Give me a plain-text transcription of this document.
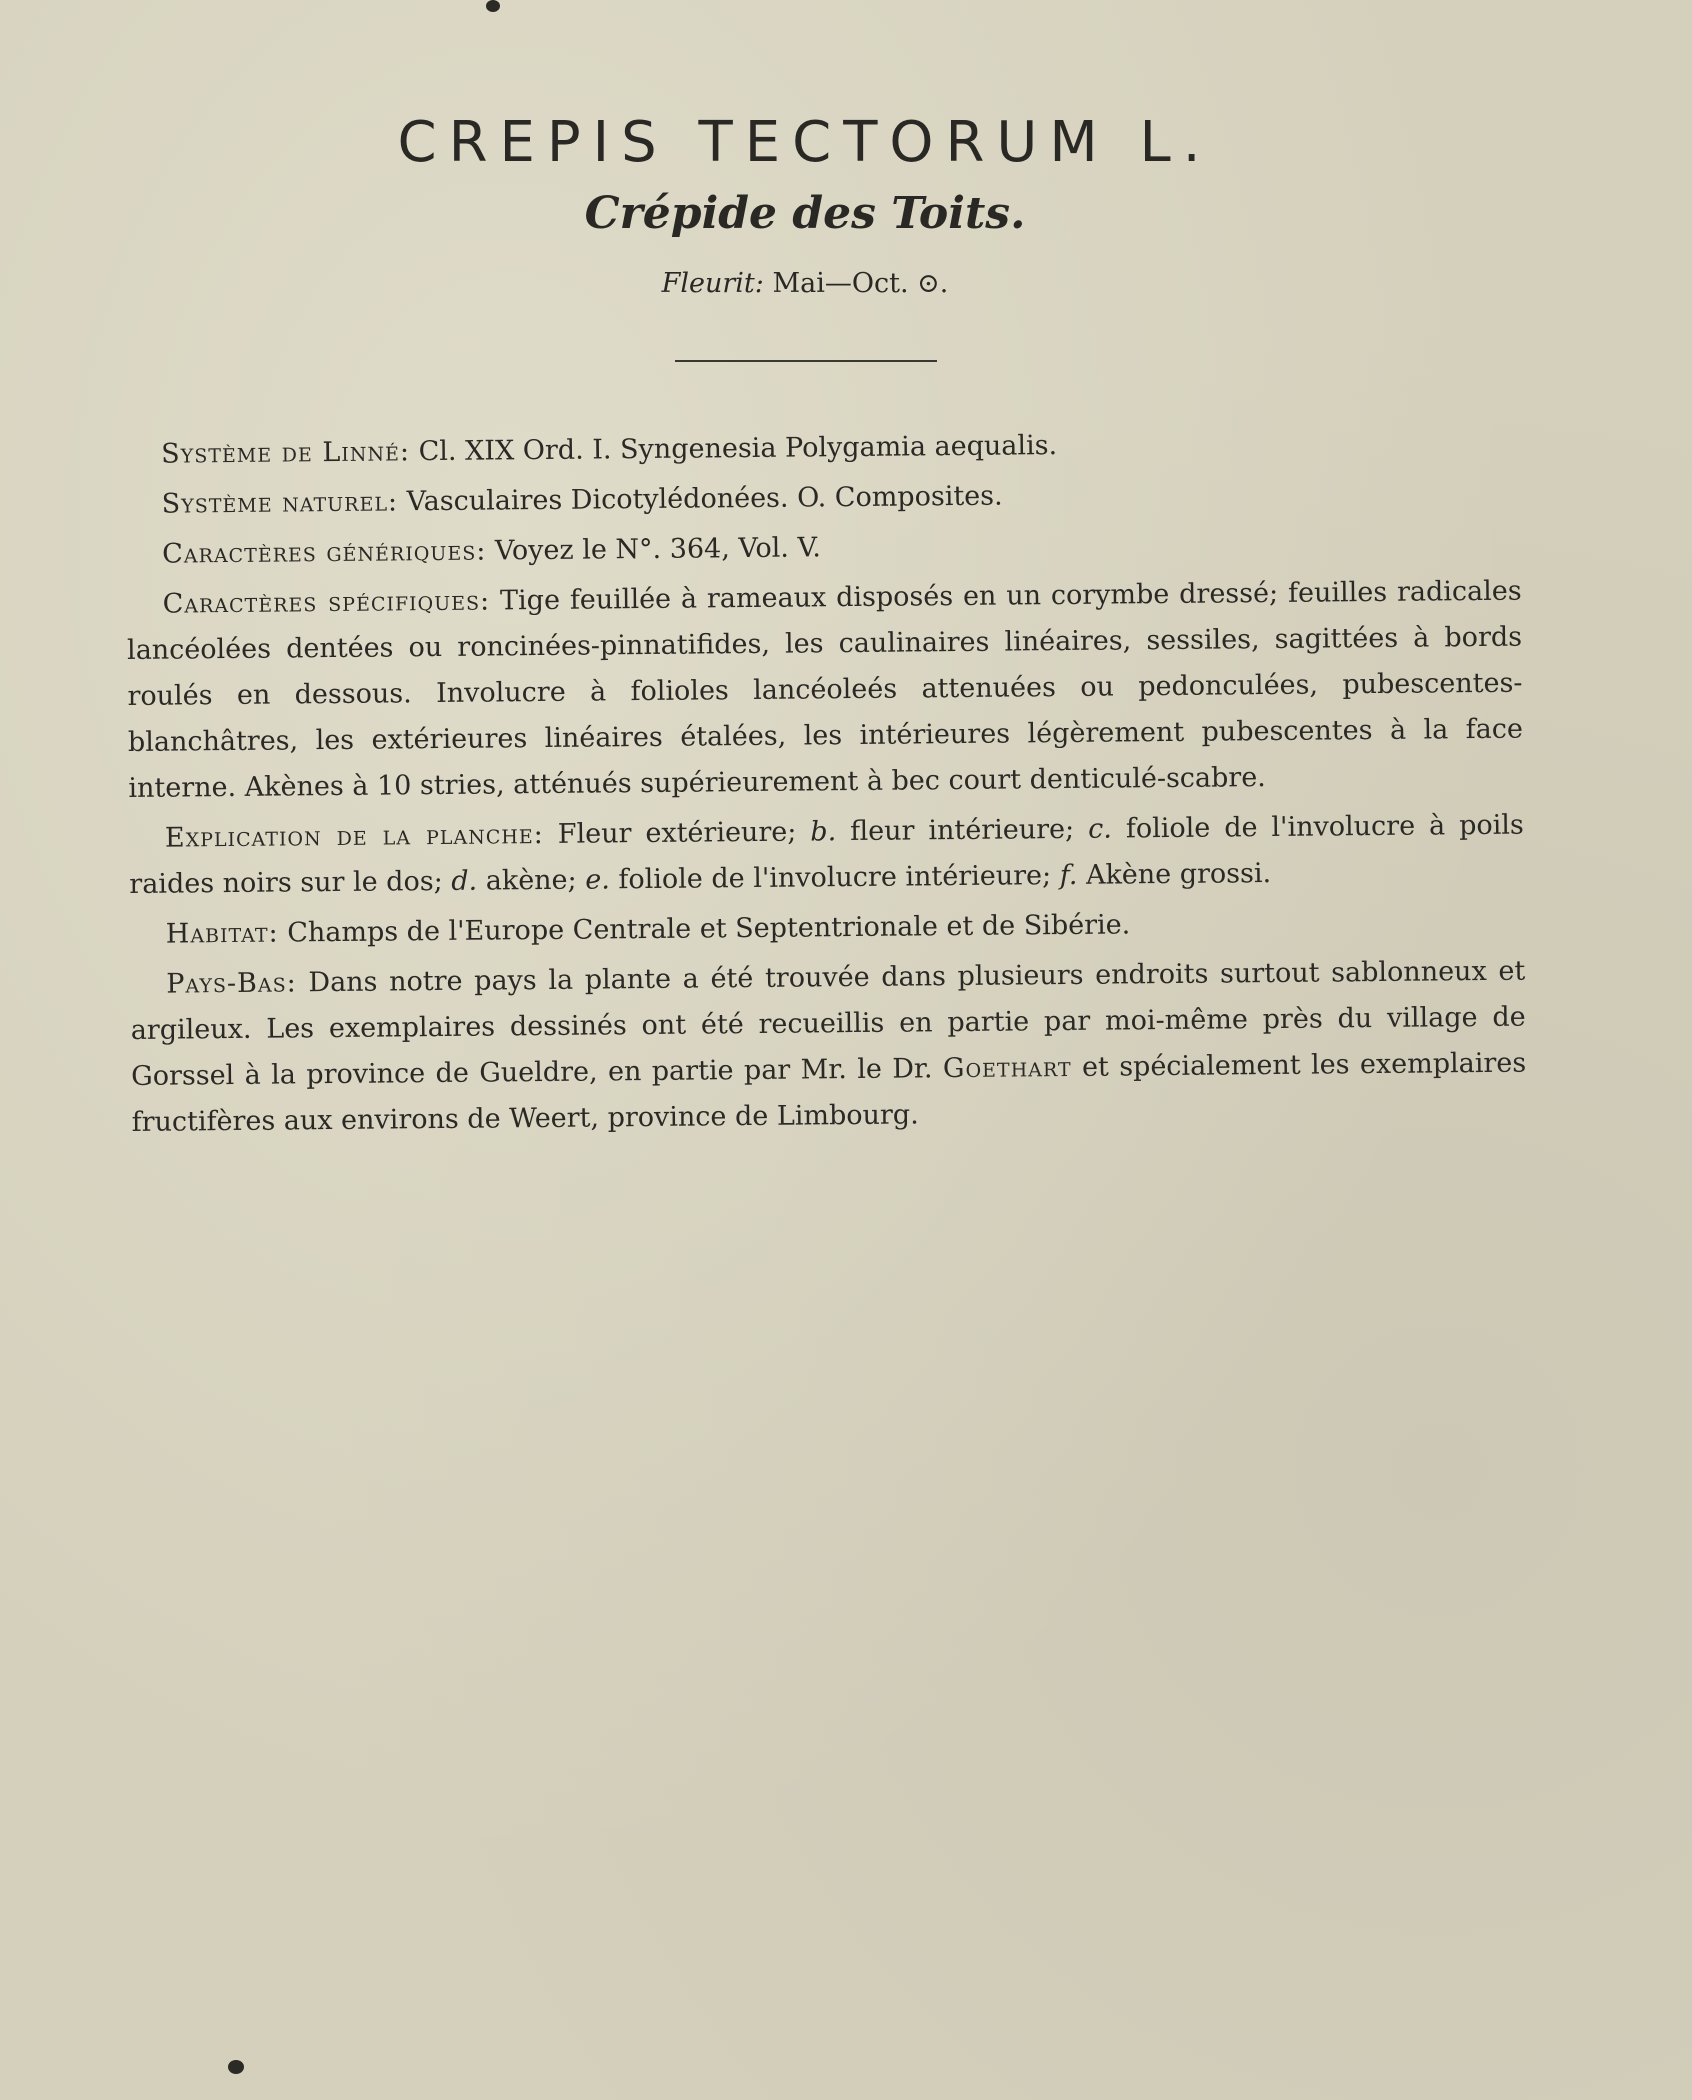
CREPIS TECTORUM L.
Crépide des Toits.
Fleurit: Mai—Oct. ⊙.

Système de Linné: Cl. XIX Ord. I. Syngenesia Polygamia aequalis.

Système naturel: Vasculaires Dicotylédonées. O. Composites.

Caractères génériques: Voyez le N°. 364, Vol. V.

Caractères spécifiques: Tige feuillée à rameaux disposés en un corymbe dressé; feuilles radicales lancéolées dentées ou roncinées-pinnatifides, les caulinaires linéaires, sessiles, sagittées à bords roulés en dessous. Involucre à folioles lancéoleés attenuées ou pedonculées, pubescentes-blanchâtres, les extérieures linéaires étalées, les intérieures légèrement pubescentes à la face interne. Akènes à 10 stries, atténués supérieurement à bec court denticulé-scabre.

Explication de la planche: Fleur extérieure; b. fleur intérieure; c. foliole de l'involucre à poils raides noirs sur le dos; d. akène; e. foliole de l'involucre intérieure; f. Akène grossi.

Habitat: Champs de l'Europe Centrale et Septentrionale et de Sibérie.

Pays-Bas: Dans notre pays la plante a été trouvée dans plusieurs endroits surtout sablonneux et argileux. Les exemplaires dessinés ont été recueillis en partie par moi-même près du village de Gorssel à la province de Gueldre, en partie par Mr. le Dr. Goethart et spécialement les exemplaires fructifères aux environs de Weert, province de Limbourg.
